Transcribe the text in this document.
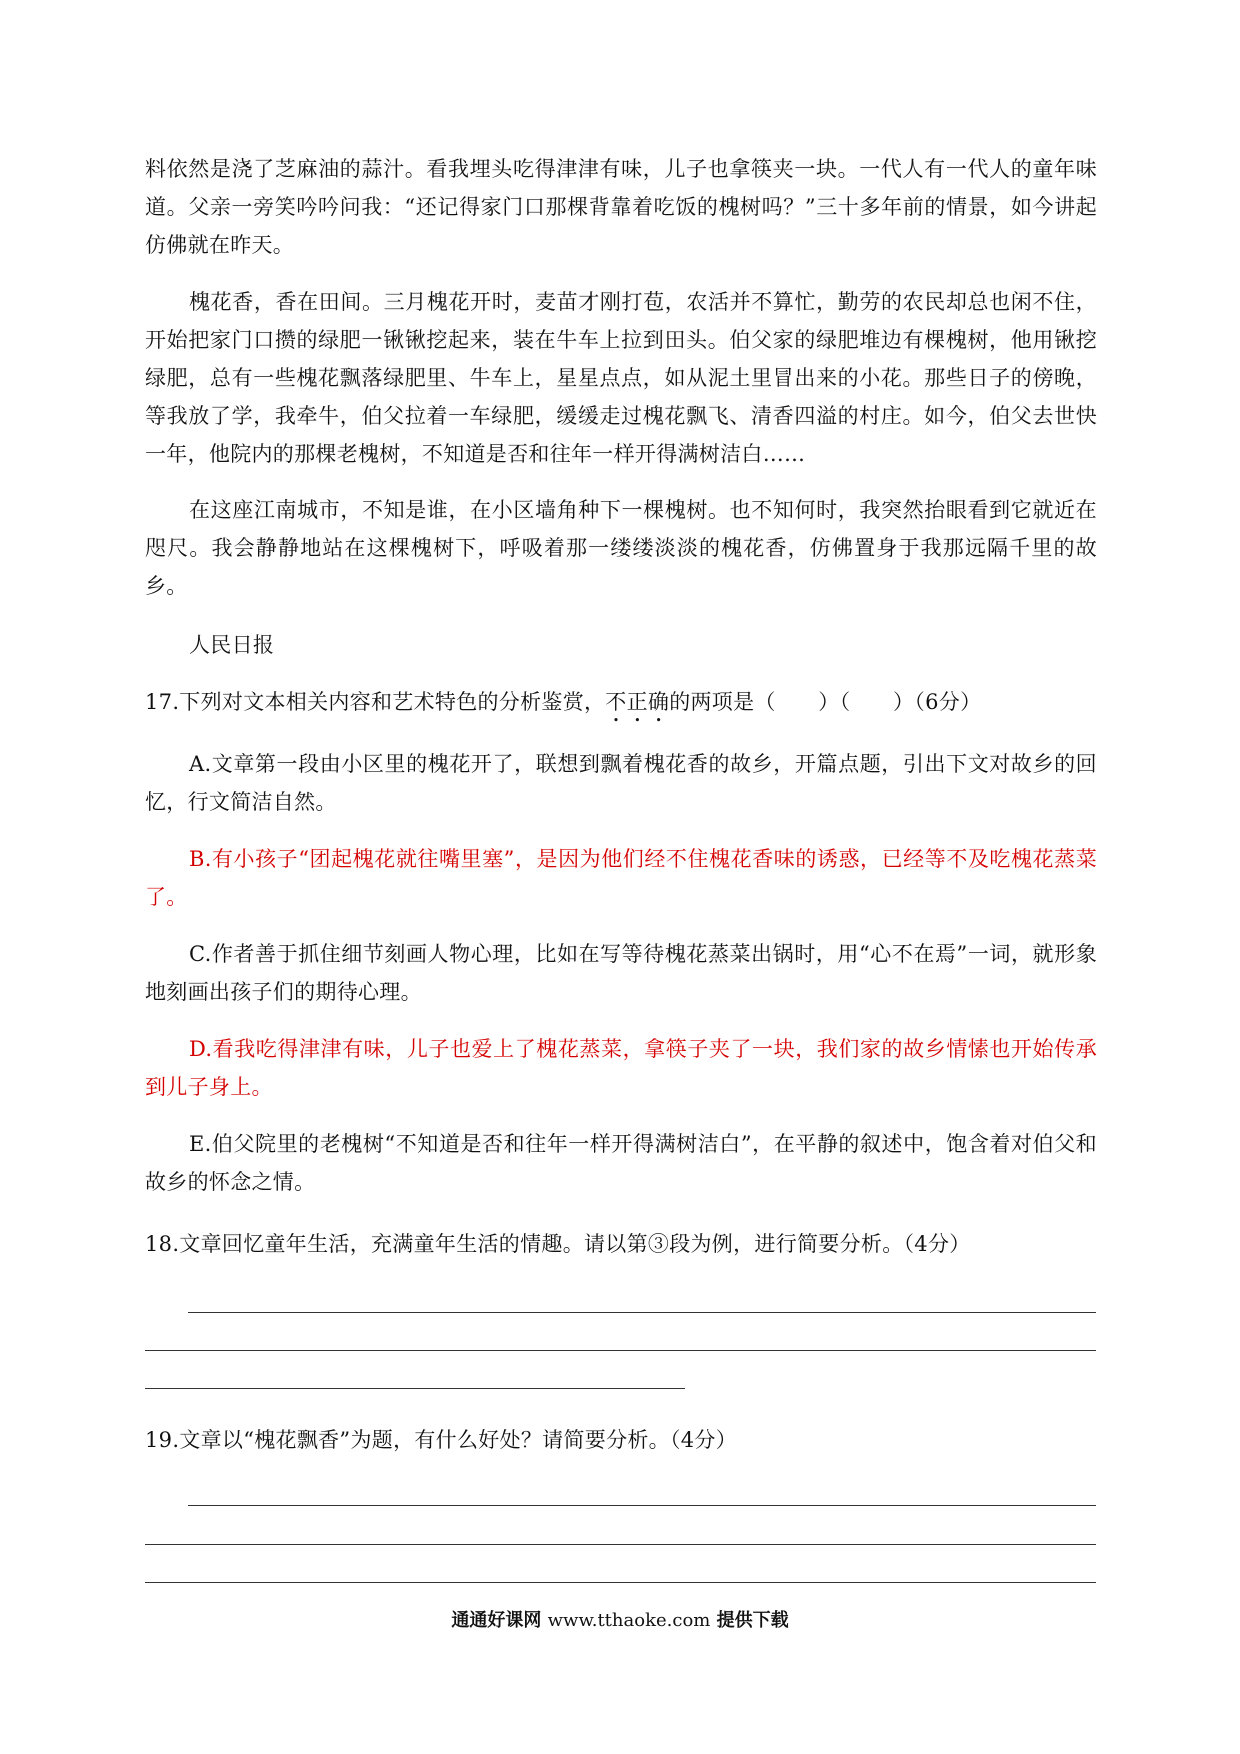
料依然是浇了芝麻油的蒜汁。看我埋头吃得津津有味，儿子也拿筷夹一块。一代人有一代人的童年味道。父亲一旁笑吟吟问我：“还记得家门口那棵背靠着吃饭的槐树吗？”三十多年前的情景，如今讲起仿佛就在昨天。

槐花香，香在田间。三月槐花开时，麦苗才刚打苞，农活并不算忙，勤劳的农民却总也闲不住，开始把家门口攒的绿肥一锹锹挖起来，装在牛车上拉到田头。伯父家的绿肥堆边有棵槐树，他用锹挖绿肥，总有一些槐花飘落绿肥里、牛车上，星星点点，如从泥土里冒出来的小花。那些日子的傍晚，等我放了学，我牵牛，伯父拉着一车绿肥，缓缓走过槐花飘飞、清香四溢的村庄。如今，伯父去世快一年，他院内的那棵老槐树，不知道是否和往年一样开得满树洁白……

在这座江南城市，不知是谁，在小区墙角种下一棵槐树。也不知何时，我突然抬眼看到它就近在咫尺。我会静静地站在这棵槐树下，呼吸着那一缕缕淡淡的槐花香，仿佛置身于我那远隔千里的故乡。

人民日报

17.下列对文本相关内容和艺术特色的分析鉴赏，不正确的两项是（　　）（　　）（6分）

A.文章第一段由小区里的槐花开了，联想到飘着槐花香的故乡，开篇点题，引出下文对故乡的回忆，行文简洁自然。

B.有小孩子“团起槐花就往嘴里塞”，是因为他们经不住槐花香味的诱惑，已经等不及吃槐花蒸菜了。

C.作者善于抓住细节刻画人物心理，比如在写等待槐花蒸菜出锅时，用“心不在焉”一词，就形象地刻画出孩子们的期待心理。

D.看我吃得津津有味，儿子也爱上了槐花蒸菜，拿筷子夹了一块，我们家的故乡情愫也开始传承到儿子身上。

E.伯父院里的老槐树“不知道是否和往年一样开得满树洁白”，在平静的叙述中，饱含着对伯父和故乡的怀念之情。

18.文章回忆童年生活，充满童年生活的情趣。请以第③段为例，进行简要分析。（4分）

19.文章以“槐花飘香”为题，有什么好处？请简要分析。（4分）

通通好课网 www.tthaoke.com 提供下载
